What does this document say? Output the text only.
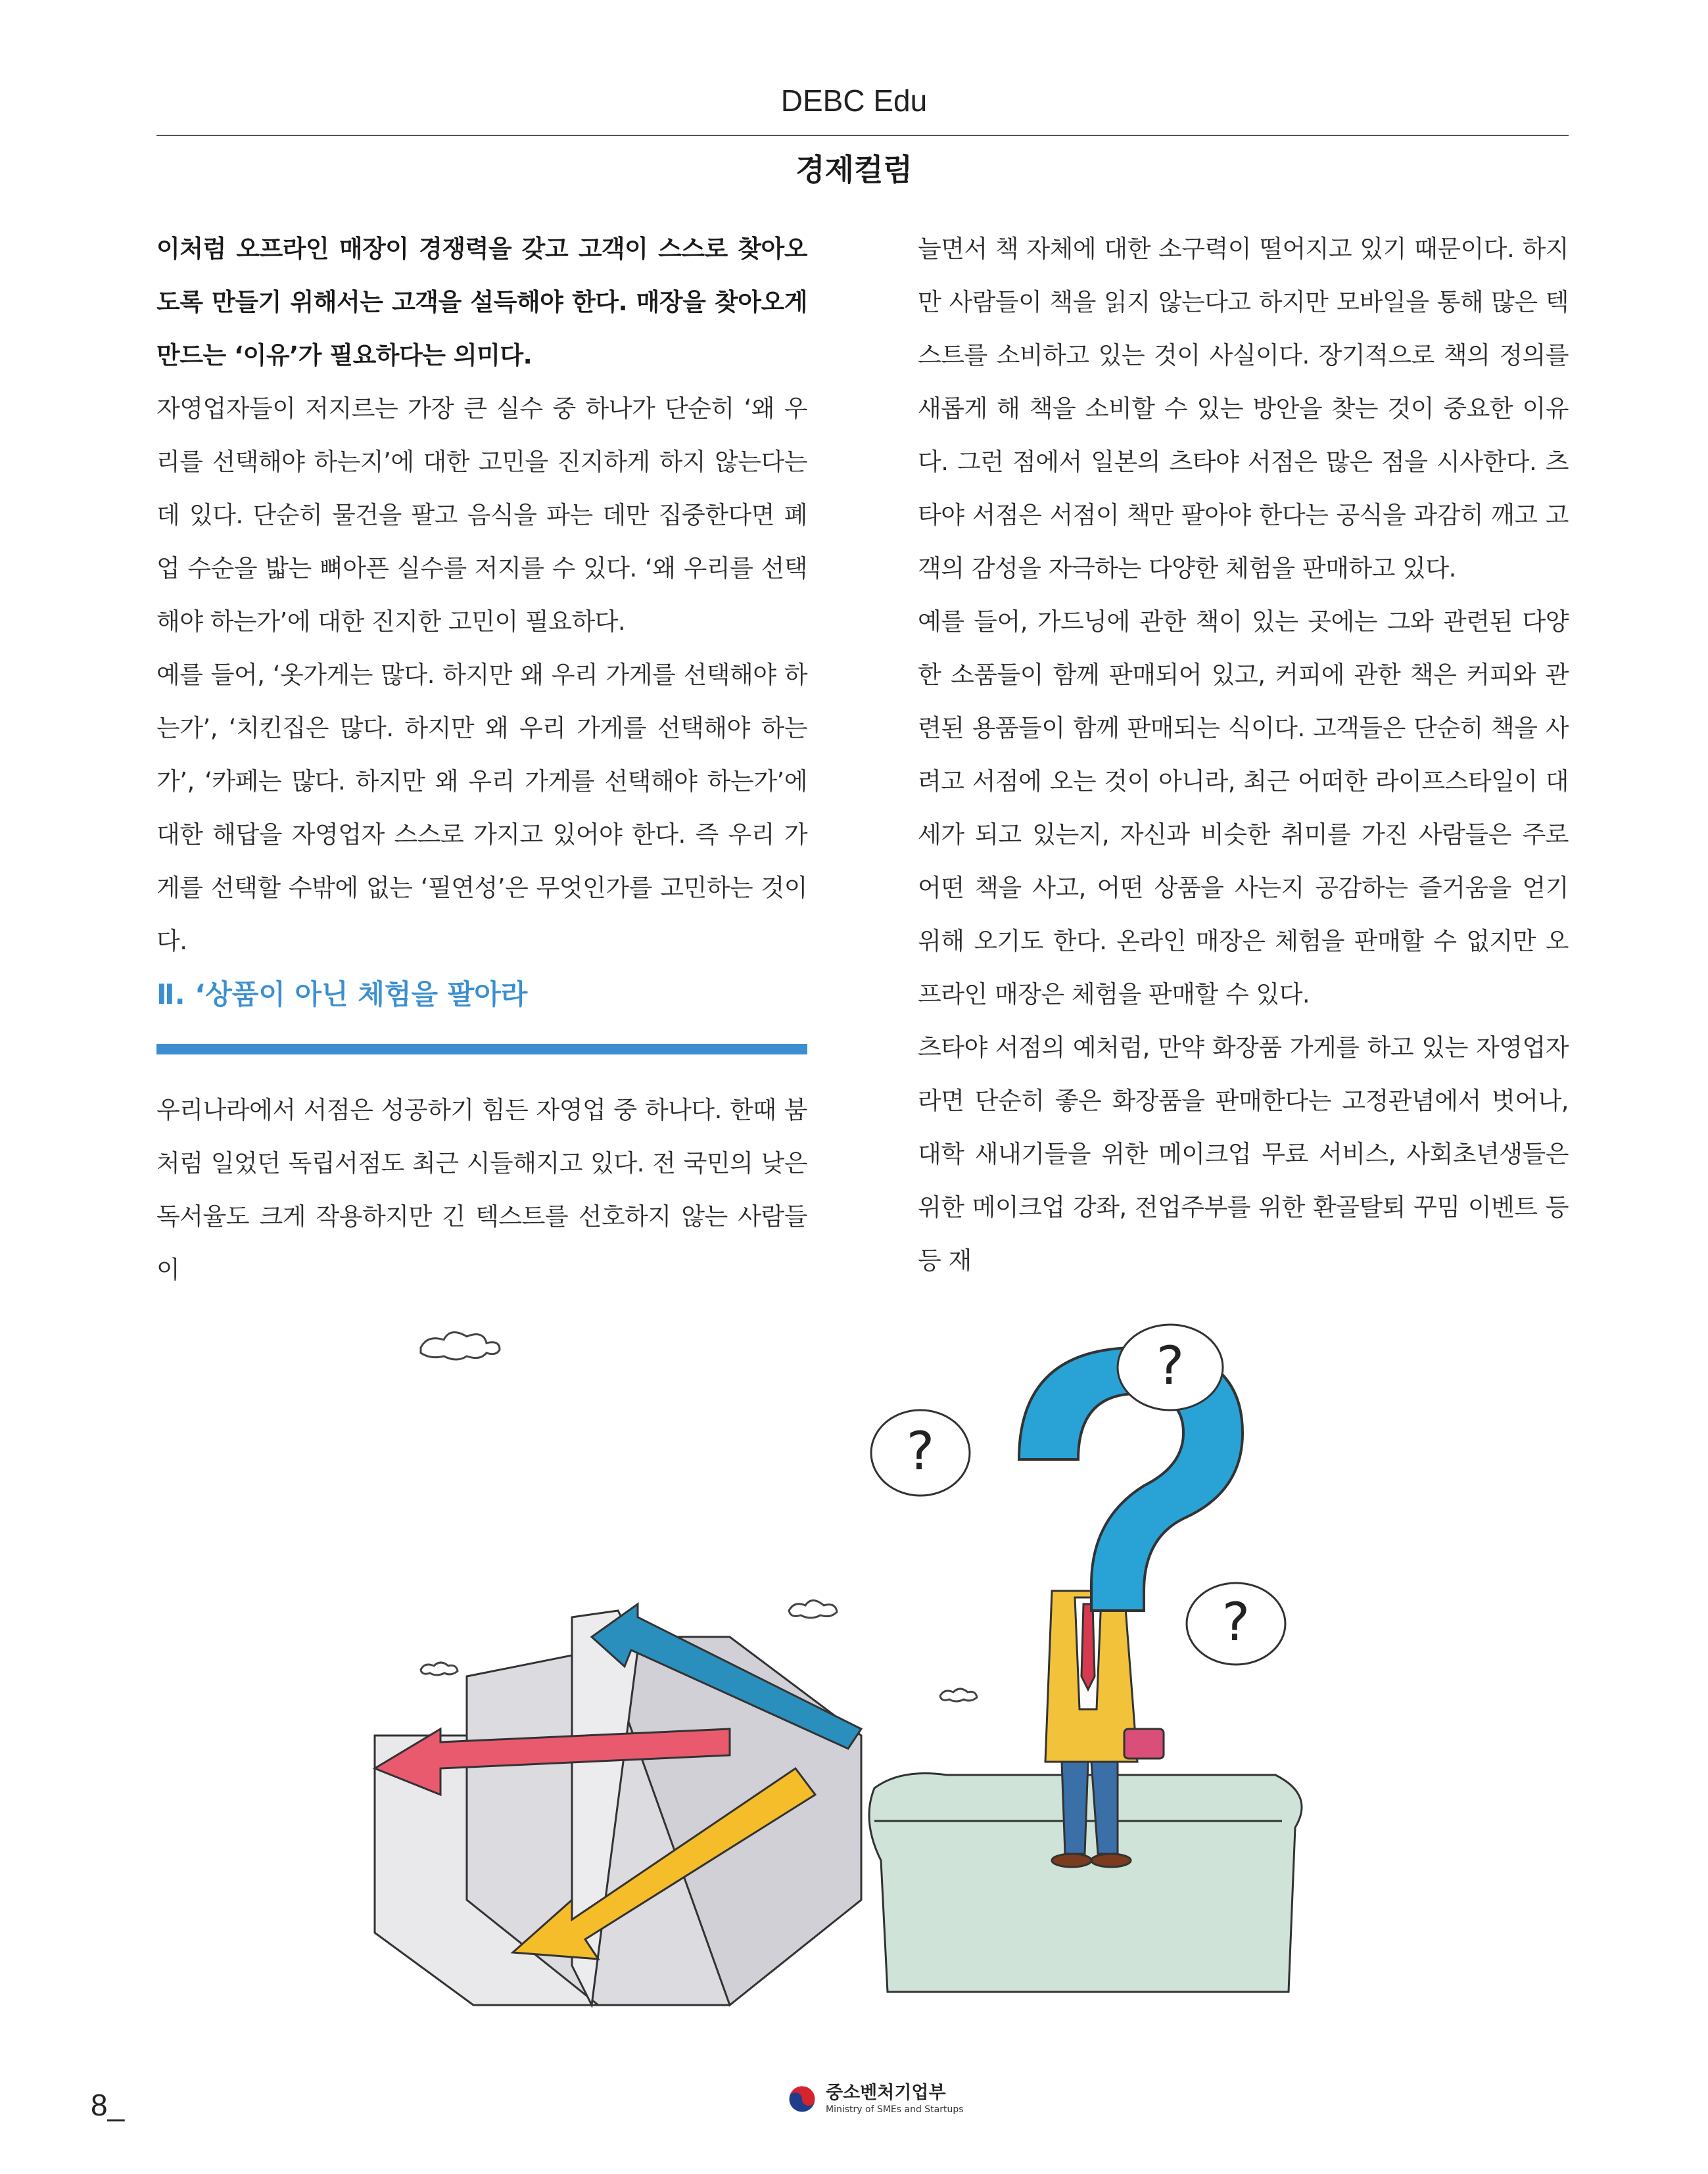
DEBC Edu
경제컬럼

이처럼 오프라인 매장이 경쟁력을 갖고 고객이 스스로 찾아오도록 만들기 위해서는 고객을 설득해야 한다. 매장을 찾아오게 만드는 ‘이유’가 필요하다는 의미다.

자영업자들이 저지르는 가장 큰 실수 중 하나가 단순히 ‘왜 우리를 선택해야 하는지’에 대한 고민을 진지하게 하지 않는다는데 있다. 단순히 물건을 팔고 음식을 파는 데만 집중한다면 폐업 수순을 밟는 뼈아픈 실수를 저지를 수 있다. ‘왜 우리를 선택해야 하는가’에 대한 진지한 고민이 필요하다.

예를 들어, ‘옷가게는 많다. 하지만 왜 우리 가게를 선택해야 하는가’, ‘치킨집은 많다. 하지만 왜 우리 가게를 선택해야 하는가’, ‘카페는 많다. 하지만 왜 우리 가게를 선택해야 하는가’에 대한 해답을 자영업자 스스로 가지고 있어야 한다. 즉 우리 가게를 선택할 수밖에 없는 ‘필연성’은 무엇인가를 고민하는 것이다.

Ⅱ. ‘상품이 아닌 체험을 팔아라

우리나라에서 서점은 성공하기 힘든 자영업 중 하나다. 한때 붐처럼 일었던 독립서점도 최근 시들해지고 있다. 전 국민의 낮은 독서율도 크게 작용하지만 긴 텍스트를 선호하지 않는 사람들이

늘면서 책 자체에 대한 소구력이 떨어지고 있기 때문이다. 하지만 사람들이 책을 읽지 않는다고 하지만 모바일을 통해 많은 텍스트를 소비하고 있는 것이 사실이다. 장기적으로 책의 정의를 새롭게 해 책을 소비할 수 있는 방안을 찾는 것이 중요한 이유다. 그런 점에서 일본의 츠타야 서점은 많은 점을 시사한다. 츠타야 서점은 서점이 책만 팔아야 한다는 공식을 과감히 깨고 고객의 감성을 자극하는 다양한 체험을 판매하고 있다.

예를 들어, 가드닝에 관한 책이 있는 곳에는 그와 관련된 다양한 소품들이 함께 판매되어 있고, 커피에 관한 책은 커피와 관련된 용품들이 함께 판매되는 식이다. 고객들은 단순히 책을 사려고 서점에 오는 것이 아니라, 최근 어떠한 라이프스타일이 대세가 되고 있는지, 자신과 비슷한 취미를 가진 사람들은 주로 어떤 책을 사고, 어떤 상품을 사는지 공감하는 즐거움을 얻기 위해 오기도 한다. 온라인 매장은 체험을 판매할 수 없지만 오프라인 매장은 체험을 판매할 수 있다.

츠타야 서점의 예처럼, 만약 화장품 가게를 하고 있는 자영업자라면 단순히 좋은 화장품을 판매한다는 고정관념에서 벗어나, 대학 새내기들을 위한 메이크업 무료 서비스, 사회초년생들은 위한 메이크업 강좌, 전업주부를 위한 환골탈퇴 꾸밈 이벤트 등등 재

?
?
?
8_	중소벤처기업부
Ministry of SMEs and Startups
